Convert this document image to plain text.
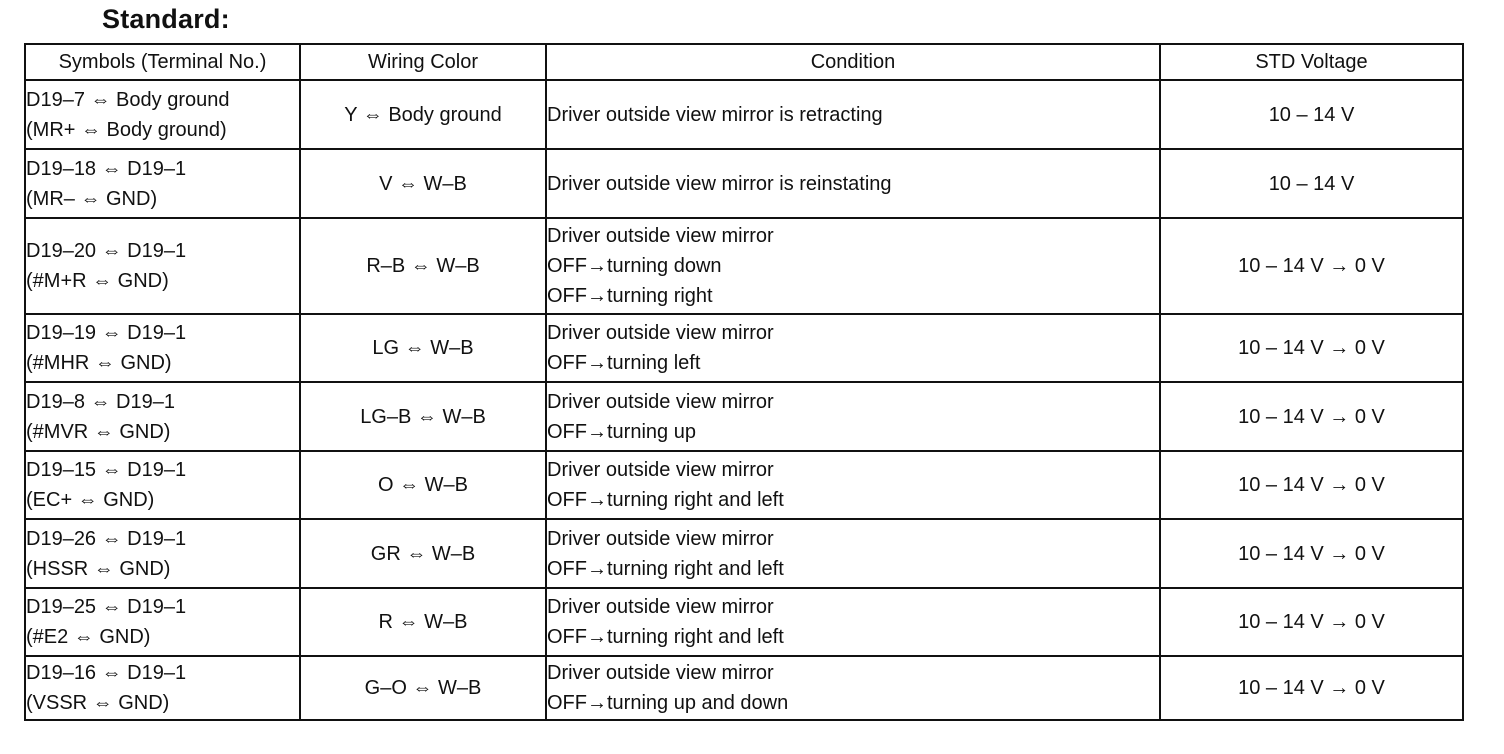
Standard:
Symbols (Terminal No.)	Wiring Color	Condition	STD Voltage

D19–7 ⇔ Body ground
(MR+ ⇔ Body ground)	Y ⇔ Body ground	Driver outside view mirror is retracting	10 – 14 V

D19–18 ⇔ D19–1
(MR– ⇔ GND)	V ⇔ W–B	Driver outside view mirror is reinstating	10 – 14 V

D19–20 ⇔ D19–1
(#M+R ⇔ GND)	R–B ⇔ W–B	Driver outside view mirror
OFF→turning down
OFF→turning right	10 – 14 V → 0 V

D19–19 ⇔ D19–1
(#MHR ⇔ GND)	LG ⇔ W–B	Driver outside view mirror
OFF→turning left	10 – 14 V → 0 V

D19–8 ⇔ D19–1
(#MVR ⇔ GND)	LG–B ⇔ W–B	Driver outside view mirror
OFF→turning up	10 – 14 V → 0 V

D19–15 ⇔ D19–1
(EC+ ⇔ GND)	O ⇔ W–B	Driver outside view mirror
OFF→turning right and left	10 – 14 V → 0 V

D19–26 ⇔ D19–1
(HSSR ⇔ GND)	GR ⇔ W–B	Driver outside view mirror
OFF→turning right and left	10 – 14 V → 0 V

D19–25 ⇔ D19–1
(#E2 ⇔ GND)	R ⇔ W–B	Driver outside view mirror
OFF→turning right and left	10 – 14 V → 0 V

D19–16 ⇔ D19–1
(VSSR ⇔ GND)	G–O ⇔ W–B	Driver outside view mirror
OFF→turning up and down	10 – 14 V → 0 V
